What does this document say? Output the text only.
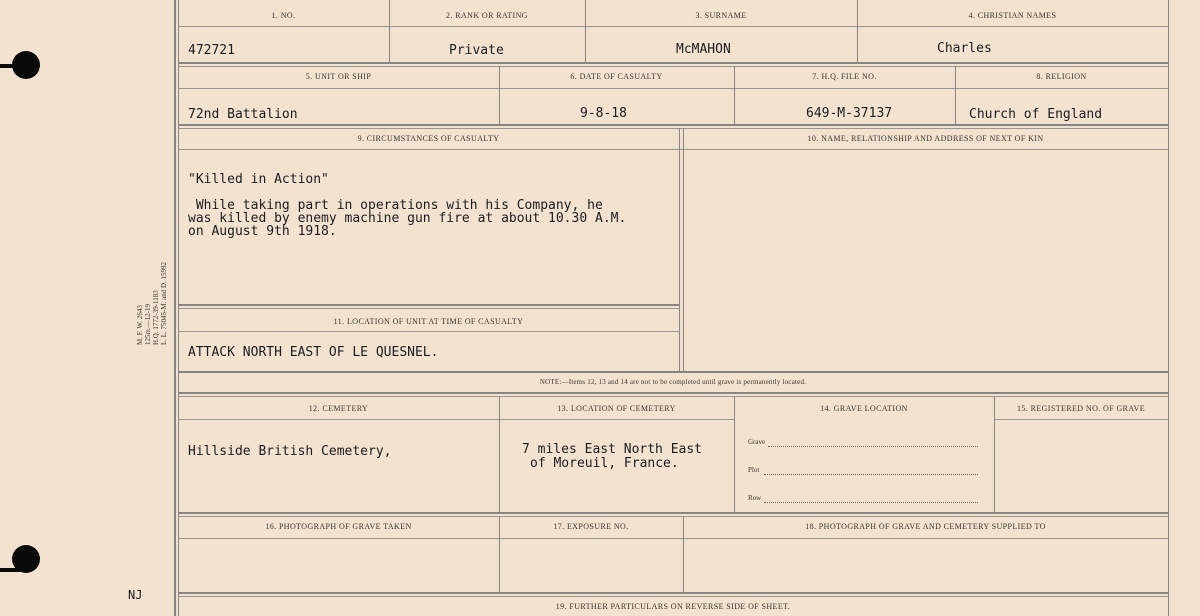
M. F. W. 2643 125m.—12-19 H.Q. 1772-39-1183 L. L. 75045-M. and D. 15992
NJ
1. NO.	2. RANK OR RATING	3. SURNAME	4. CHRISTIAN NAMES
472721	Private	McMAHON	Charles
5. UNIT OR SHIP	6. DATE OF CASUALTY	7. H.Q. FILE NO.	8. RELIGION
72nd Battalion	9-8-18	649-M-37137	Church of England
9. CIRCUMSTANCES OF CASUALTY	10. NAME, RELATIONSHIP AND ADDRESS OF NEXT OF KIN
"Killed in Action"
While taking part in operations with his Company, he
was killed by enemy machine gun fire at about 10.30 A.M.
on August 9th 1918.
11. LOCATION OF UNIT AT TIME OF CASUALTY
ATTACK NORTH EAST OF LE QUESNEL.
NOTE:—Items 12, 13 and 14 are not to be completed until grave is permanently located.
12. CEMETERY	13. LOCATION OF CEMETERY	14. GRAVE LOCATION	15. REGISTERED NO. OF GRAVE
Hillside British Cemetery,	7 miles East North East
of Moreuil, France.
Grave
Plot
Row
16. PHOTOGRAPH OF GRAVE TAKEN	17. EXPOSURE NO.	18. PHOTOGRAPH OF GRAVE AND CEMETERY SUPPLIED TO
19. FURTHER PARTICULARS ON REVERSE SIDE OF SHEET.
